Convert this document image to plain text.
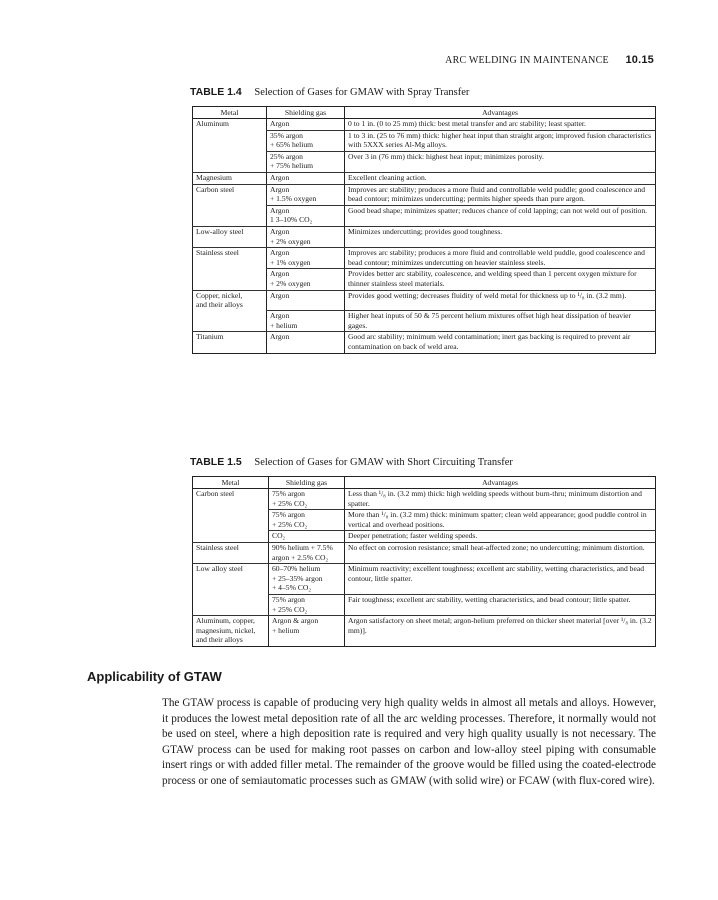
ARC WELDING IN MAINTENANCE 10.15
TABLE 1.4 Selection of Gases for GMAW with Spray Transfer
Metal	Shielding gas	Advantages
Aluminum	Argon	0 to 1 in. (0 to 25 mm) thick: best metal transfer and arc stability; least spatter.
	35% argon
+ 65% helium	1 to 3 in. (25 to 76 mm) thick: higher heat input than straight argon; improved fusion characteristics with 5XXX series Al-Mg alloys.
	25% argon
+ 75% helium	Over 3 in (76 mm) thick: highest heat input; minimizes porosity.
Magnesium	Argon	Excellent cleaning action.
Carbon steel	Argon
+ 1.5% oxygen	Improves arc stability; produces a more fluid and controllable weld puddle; good coalescence and bead contour; minimizes undercutting; permits higher speeds than pure argon.
	Argon
1 3–10% CO₂	Good bead shape; minimizes spatter; reduces chance of cold lapping; can not weld out of position.
Low-alloy steel	Argon
+ 2% oxygen	Minimizes undercutting; provides good toughness.
Stainless steel	Argon
+ 1% oxygen	Improves arc stability; produces a more fluid and controllable weld puddle, good coalescence and bead contour; minimizes undercutting on heavier stainless steels.
	Argon
+ 2% oxygen	Provides better arc stability, coalescence, and welding speed than 1 percent oxygen mixture for thinner stainless steel materials.
Copper, nickel,
and their alloys	Argon	Provides good wetting; decreases fluidity of weld metal for thickness up to ¹/₈ in. (3.2 mm).
	Argon
+ helium	Higher heat inputs of 50 & 75 percent helium mixtures offset high heat dissipation of heavier gages.
Titanium	Argon	Good arc stability; minimum weld contamination; inert gas backing is required to prevent air contamination on back of weld area.
TABLE 1.5 Selection of Gases for GMAW with Short Circuiting Transfer
Metal	Shielding gas	Advantages
Carbon steel	75% argon
+ 25% CO₂	Less than ¹/₈ in. (3.2 mm) thick: high welding speeds without burn-thru; minimum distortion and spatter.
	75% argon
+ 25% CO₂	More than ¹/₈ in. (3.2 mm) thick: minimum spatter; clean weld appearance; good puddle control in vertical and overhead positions.
	CO₂	Deeper penetration; faster welding speeds.
Stainless steel	90% helium + 7.5%
argon + 2.5% CO₂	No effect on corrosion resistance; small heat-affected zone; no undercutting; minimum distortion.
Low alloy steel	60–70% helium
+ 25–35% argon
+ 4–5% CO₂	Minimum reactivity; excellent toughness; excellent arc stability, wetting characteristics, and bead contour, little spatter.
	75% argon
+ 25% CO₂	Fair toughness; excellent arc stability, wetting characteristics, and bead contour; little spatter.
Aluminum, copper,
magnesium, nickel,
and their alloys	Argon & argon
+ helium	Argon satisfactory on sheet metal; argon-helium preferred on thicker sheet material [over ¹/₈ in. (3.2 mm)].
Applicability of GTAW

The GTAW process is capable of producing very high quality welds in almost all metals and alloys. However, it produces the lowest metal deposition rate of all the arc welding processes. Therefore, it normally would not be used on steel, where a high deposition rate is required and very high quality usually is not necessary. The GTAW process can be used for making root passes on carbon and low-alloy steel piping with consumable insert rings or with added filler metal. The remainder of the groove would be filled using the coated-electrode process or one of semiautomatic processes such as GMAW (with solid wire) or FCAW (with flux-cored wire).
